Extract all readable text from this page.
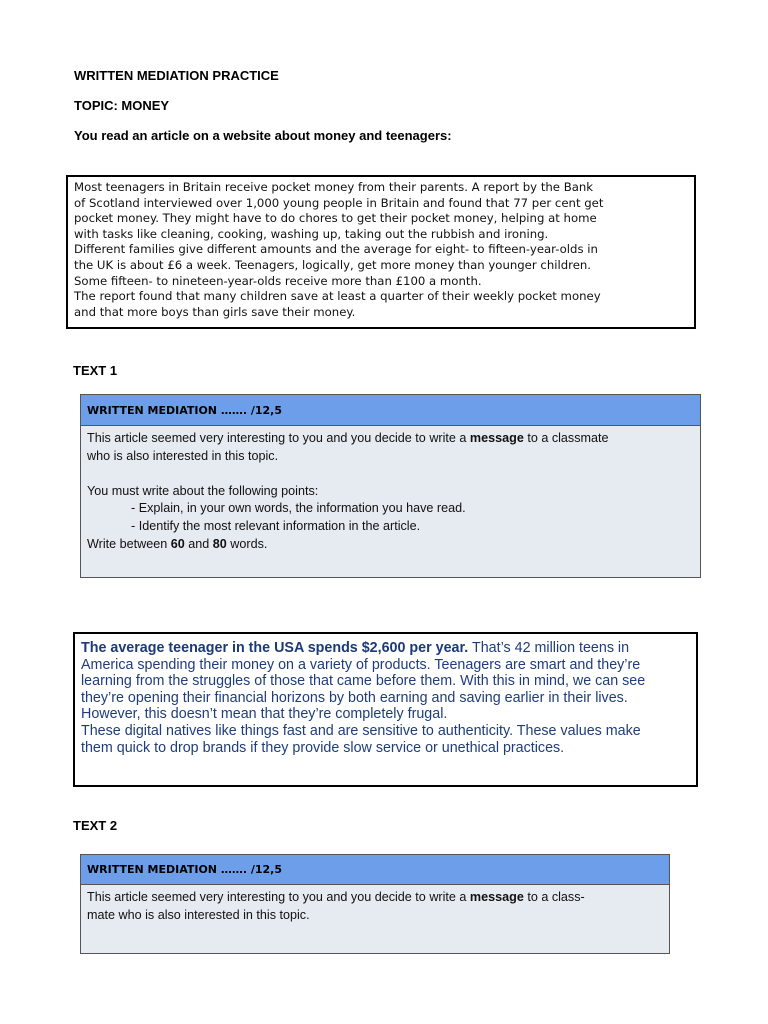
WRITTEN MEDIATION PRACTICE
TOPIC: MONEY
You read an article on a website about money and teenagers:
Most teenagers in Britain receive pocket money from their parents. A report by the Bank
of Scotland interviewed over 1,000 young people in Britain and found that 77 per cent get
pocket money. They might have to do chores to get their pocket money, helping at home
with tasks like cleaning, cooking, washing up, taking out the rubbish and ironing.
Different families give different amounts and the average for eight- to fifteen-year-olds in
the UK is about £6 a week. Teenagers, logically, get more money than younger children.
Some fifteen- to nineteen-year-olds receive more than £100 a month.
The report found that many children save at least a quarter of their weekly pocket money
and that more boys than girls save their money.
TEXT 1
WRITTEN MEDIATION ……. /12,5
This article seemed very interesting to you and you decide to write a message to a classmate
who is also interested in this topic.
You must write about the following points:
- Explain, in your own words, the information you have read.
- Identify the most relevant information in the article.
Write between 60 and 80 words.
The average teenager in the USA spends $2,600 per year. That’s 42 million teens in
America spending their money on a variety of products. Teenagers are smart and they’re
learning from the struggles of those that came before them. With this in mind, we can see
they’re opening their financial horizons by both earning and saving earlier in their lives.
However, this doesn’t mean that they’re completely frugal.
These digital natives like things fast and are sensitive to authenticity. These values make
them quick to drop brands if they provide slow service or unethical practices.
TEXT 2
WRITTEN MEDIATION ……. /12,5
This article seemed very interesting to you and you decide to write a message to a class-
mate who is also interested in this topic.
